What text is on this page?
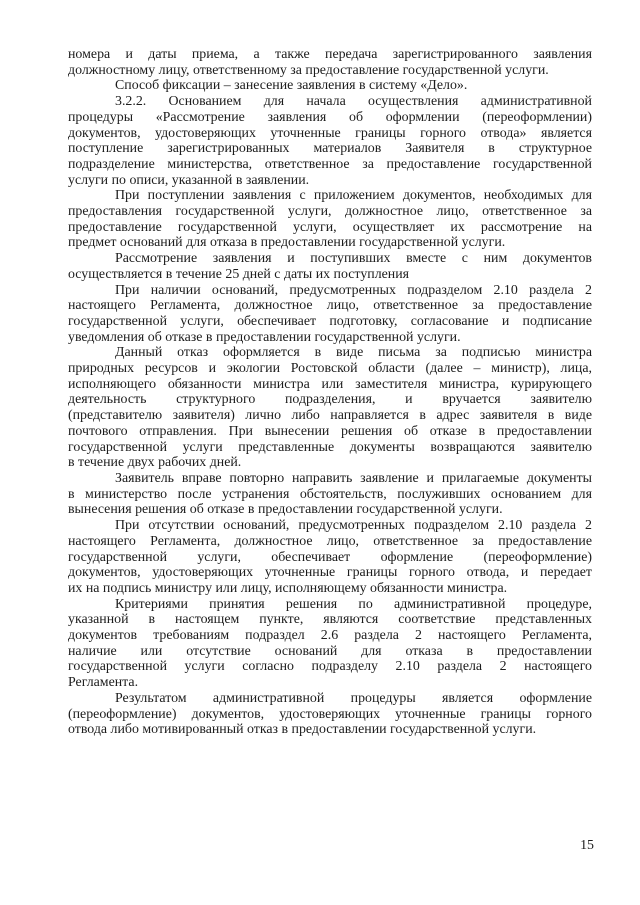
номера и даты приема, а также передача зарегистрированного заявления
должностному лицу, ответственному за предоставление государственной услуги.

Способ фиксации – занесение заявления в систему «Дело».

3.2.2. Основанием для начала осуществления административной
процедуры «Рассмотрение заявления об оформлении (переоформлении)
документов, удостоверяющих уточненные границы горного отвода» является
поступление зарегистрированных материалов Заявителя в структурное
подразделение министерства, ответственное за предоставление государственной
услуги по описи, указанной в заявлении.

При поступлении заявления с приложением документов, необходимых для
предоставления государственной услуги, должностное лицо, ответственное за
предоставление государственной услуги, осуществляет их рассмотрение на
предмет оснований для отказа в предоставлении государственной услуги.

Рассмотрение заявления и поступивших вместе с ним документов
осуществляется в течение 25 дней с даты их поступления

При наличии оснований, предусмотренных подразделом 2.10 раздела 2
настоящего Регламента, должностное лицо, ответственное за предоставление
государственной услуги, обеспечивает подготовку, согласование и подписание
уведомления об отказе в предоставлении государственной услуги.

Данный отказ оформляется в виде письма за подписью министра
природных ресурсов и экологии Ростовской области (далее – министр), лица,
исполняющего обязанности министра или заместителя министра, курирующего
деятельность структурного подразделения, и вручается заявителю
(представителю заявителя) лично либо направляется в адрес заявителя в виде
почтового отправления. При вынесении решения об отказе в предоставлении
государственной услуги представленные документы возвращаются заявителю
в течение двух рабочих дней.

Заявитель вправе повторно направить заявление и прилагаемые документы
в министерство после устранения обстоятельств, послуживших основанием для
вынесения решения об отказе в предоставлении государственной услуги.

При отсутствии оснований, предусмотренных подразделом 2.10 раздела 2
настоящего Регламента, должностное лицо, ответственное за предоставление
государственной услуги, обеспечивает оформление (переоформление)
документов, удостоверяющих уточненные границы горного отвода, и передает
их на подпись министру или лицу, исполняющему обязанности министра.

Критериями принятия решения по административной процедуре,
указанной в настоящем пункте, являются соответствие представленных
документов требованиям подраздел 2.6 раздела 2 настоящего Регламента,
наличие или отсутствие оснований для отказа в предоставлении
государственной услуги согласно подразделу 2.10 раздела 2 настоящего
Регламента.

Результатом административной процедуры является оформление
(переоформление) документов, удостоверяющих уточненные границы горного
отвода либо мотивированный отказ в предоставлении государственной услуги.

15
